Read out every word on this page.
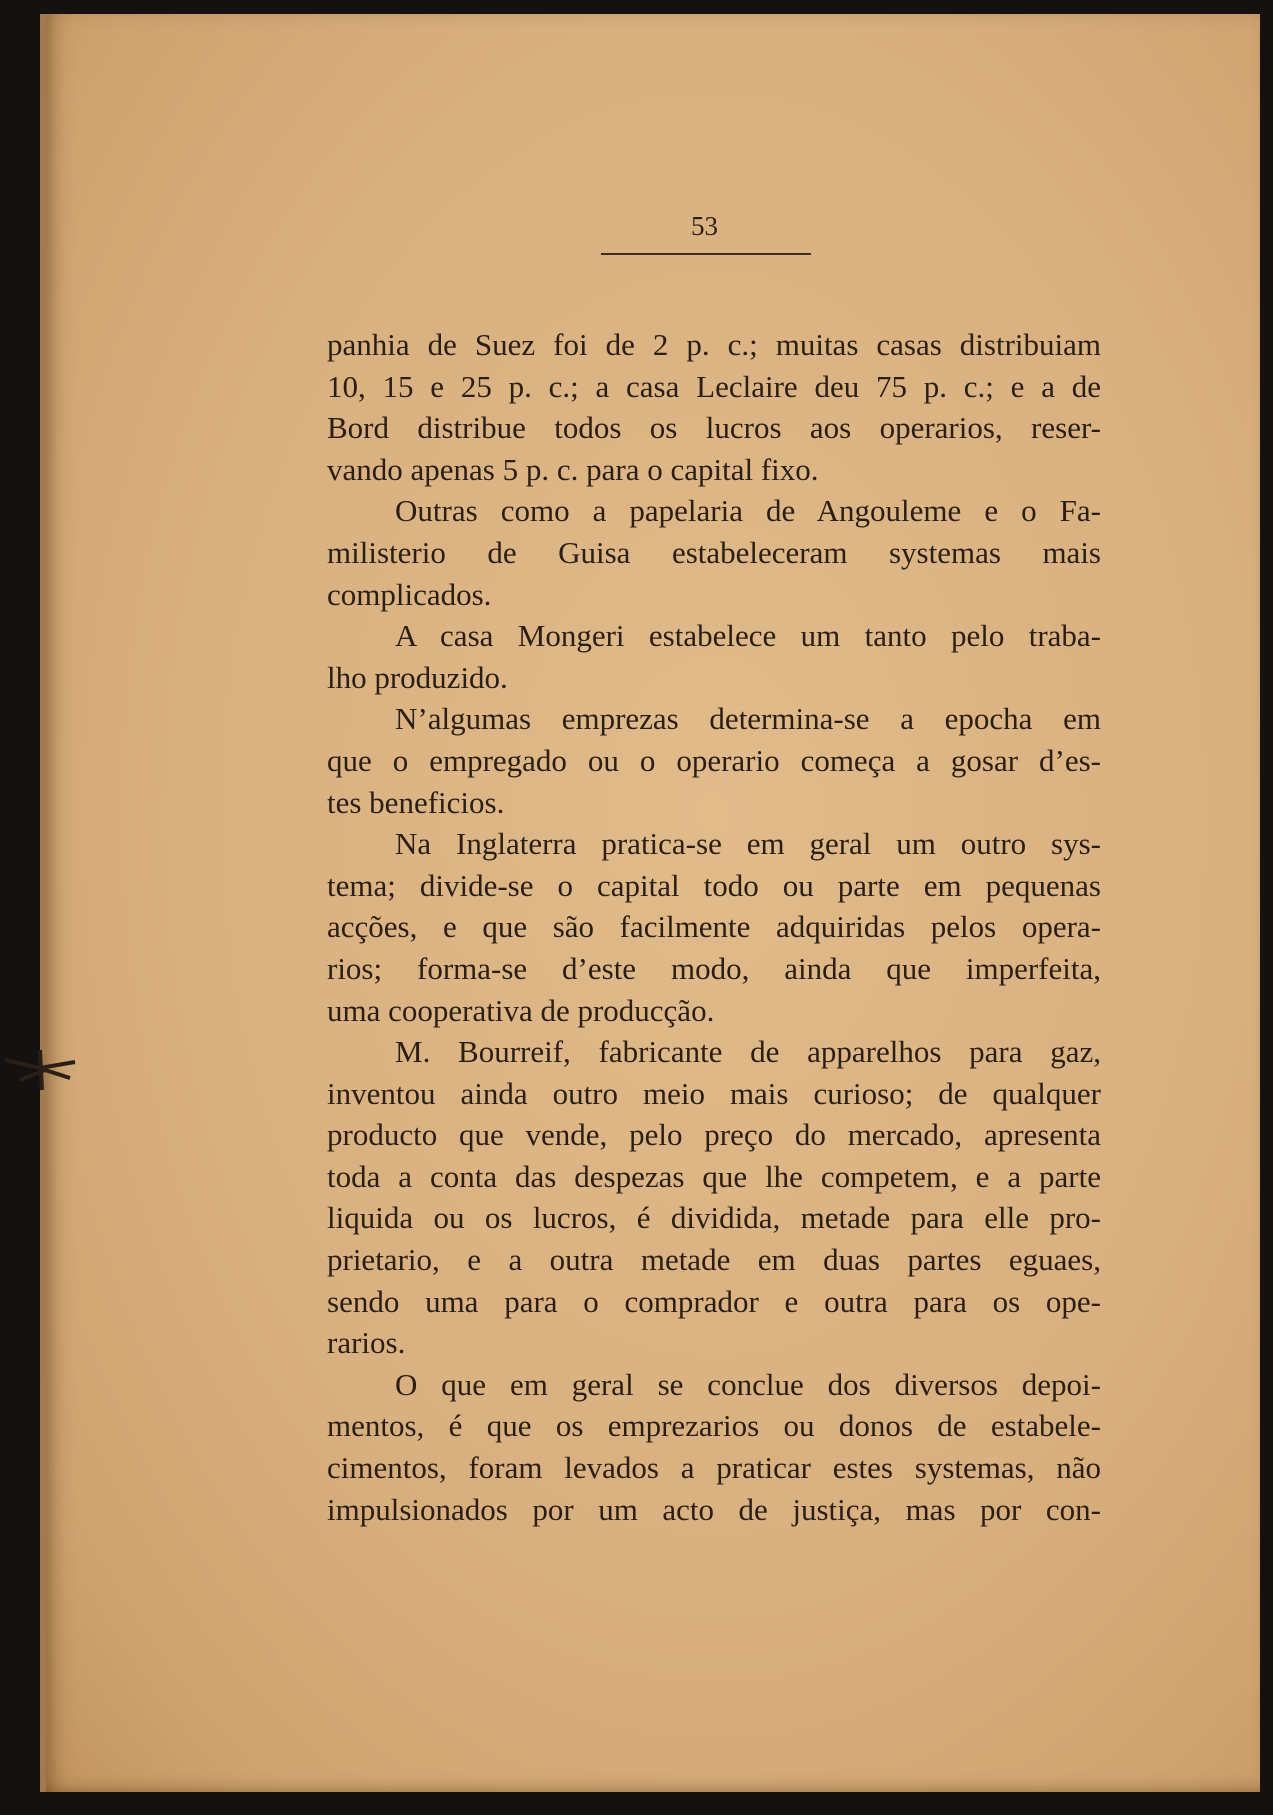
53
panhia de Suez foi de 2 p. c.; muitas casas distribuiam
10, 15 e 25 p. c.; a casa Leclaire deu 75 p. c.; e a de
Bord distribue todos os lucros aos operarios, reser-
vando apenas 5 p. c. para o capital fixo.
Outras como a papelaria de Angouleme e o Fa-
milisterio de Guisa estabeleceram systemas mais
complicados.
A casa Mongeri estabelece um tanto pelo traba-
lho produzido.
N’algumas emprezas determina-se a epocha em
que o empregado ou o operario começa a gosar d’es-
tes beneficios.
Na Inglaterra pratica-se em geral um outro sys-
tema; divide-se o capital todo ou parte em pequenas
acções, e que são facilmente adquiridas pelos opera-
rios; forma-se d’este modo, ainda que imperfeita,
uma cooperativa de producção.
M. Bourreif, fabricante de apparelhos para gaz,
inventou ainda outro meio mais curioso; de qualquer
producto que vende, pelo preço do mercado, apresenta
toda a conta das despezas que lhe competem, e a parte
liquida ou os lucros, é dividida, metade para elle pro-
prietario, e a outra metade em duas partes eguaes,
sendo uma para o comprador e outra para os ope-
rarios.
O que em geral se conclue dos diversos depoi-
mentos, é que os emprezarios ou donos de estabele-
cimentos, foram levados a praticar estes systemas, não
impulsionados por um acto de justiça, mas por con-
